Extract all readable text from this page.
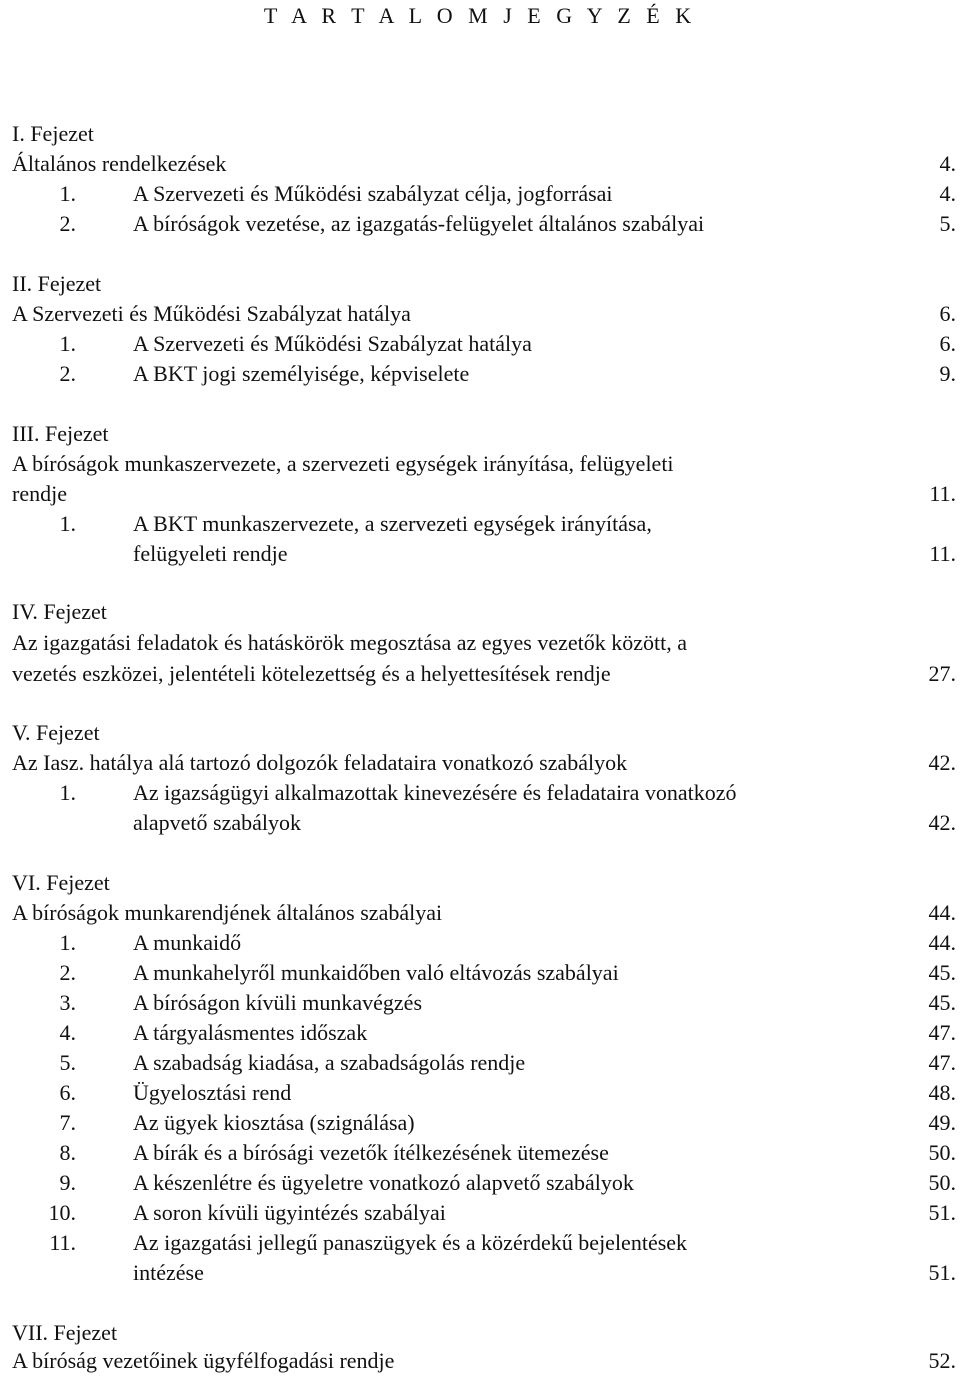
T A R T A L O M J E G Y Z É K
I. Fejezet
Általános rendelkezések	4.
1.	A Szervezeti és Működési szabályzat célja, jogforrásai	4.
2.	A bíróságok vezetése, az igazgatás-felügyelet általános szabályai	5.
II. Fejezet
A Szervezeti és Működési Szabályzat hatálya	6.
1.	A Szervezeti és Működési Szabályzat hatálya	6.
2.	A BKT jogi személyisége, képviselete	9.
III. Fejezet
A bíróságok munkaszervezete, a szervezeti egységek irányítása, felügyeleti
rendje	11.
1.	A BKT munkaszervezete, a szervezeti egységek irányítása,
felügyeleti rendje	11.
IV. Fejezet
Az igazgatási feladatok és hatáskörök megosztása az egyes vezetők között, a
vezetés eszközei, jelentételi kötelezettség és a helyettesítések rendje	27.
V. Fejezet
Az Iasz. hatálya alá tartozó dolgozók feladataira vonatkozó szabályok	42.
1.	Az igazságügyi alkalmazottak kinevezésére és feladataira vonatkozó
alapvető szabályok	42.
VI. Fejezet
A bíróságok munkarendjének általános szabályai	44.
1.	A munkaidő	44.
2.	A munkahelyről munkaidőben való eltávozás szabályai	45.
3.	A bíróságon kívüli munkavégzés	45.
4.	A tárgyalásmentes időszak	47.
5.	A szabadság kiadása, a szabadságolás rendje	47.
6.	Ügyelosztási rend	48.
7.	Az ügyek kiosztása (szignálása)	49.
8.	A bírák és a bírósági vezetők ítélkezésének ütemezése	50.
9.	A készenlétre és ügyeletre vonatkozó alapvető szabályok	50.
10.	A soron kívüli ügyintézés szabályai	51.
11.	Az igazgatási jellegű panaszügyek és a közérdekű bejelentések
intézése	51.
VII. Fejezet
A bíróság vezetőinek ügyfélfogadási rendje	52.
